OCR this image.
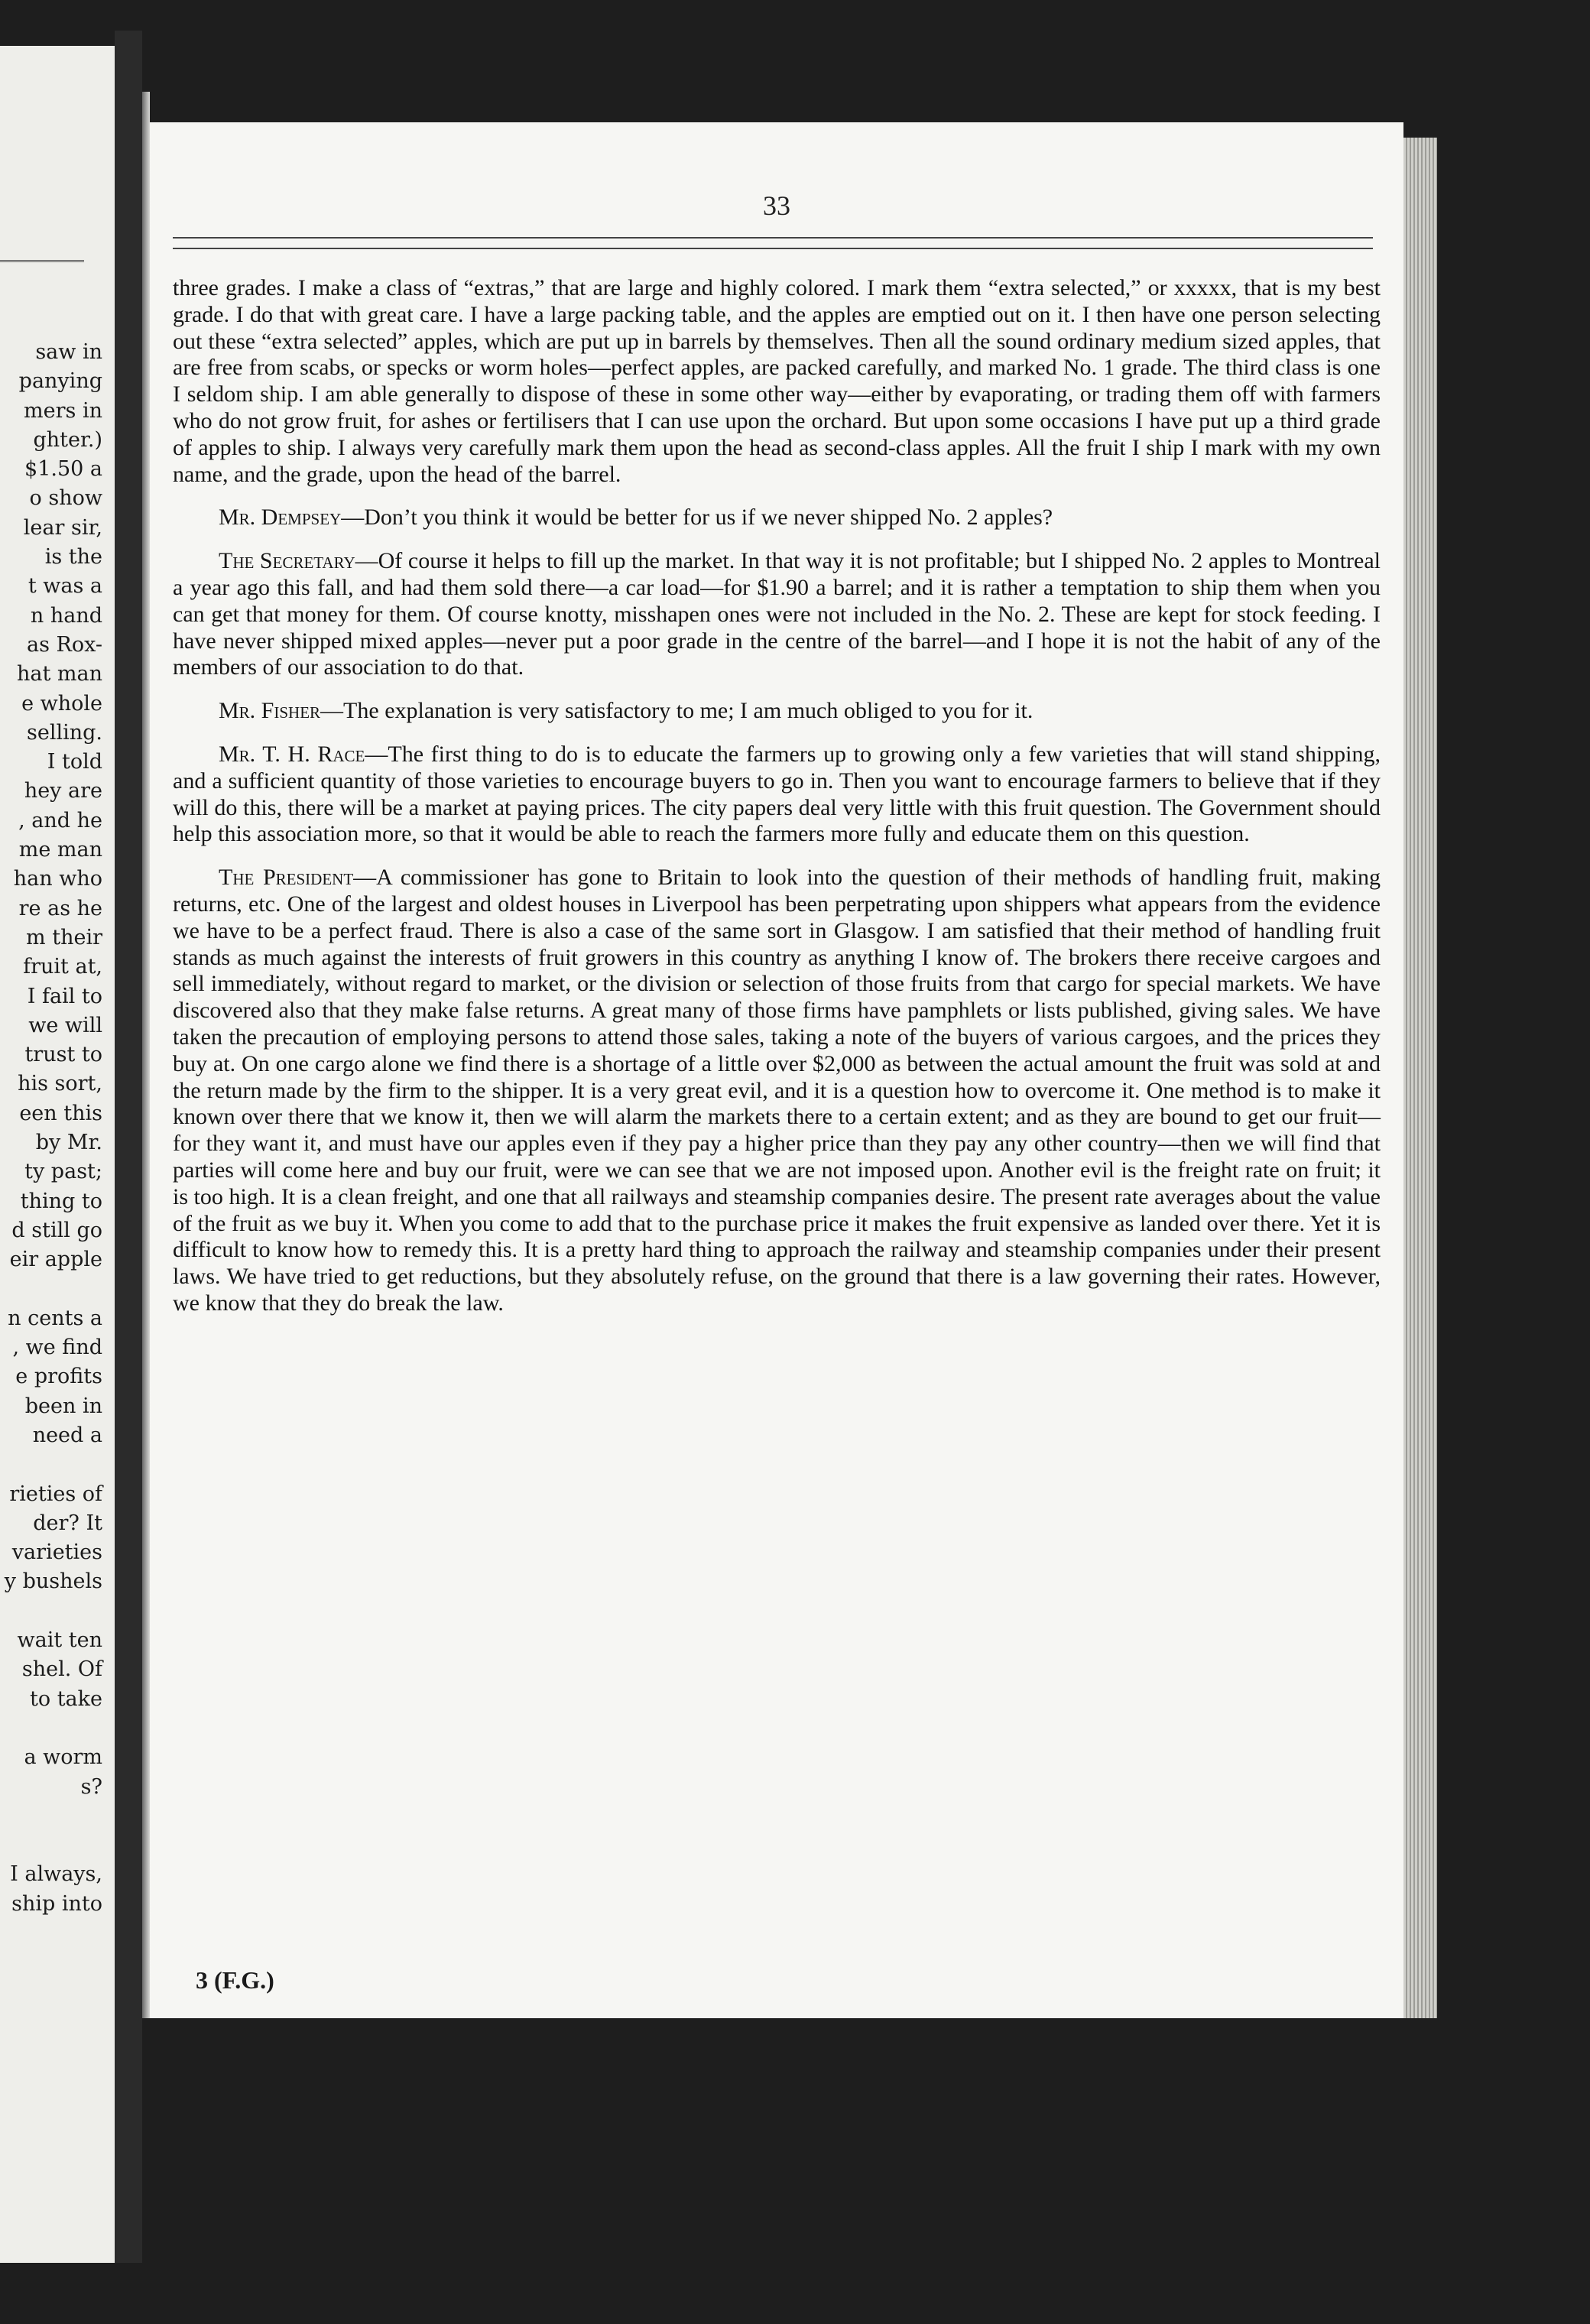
saw in
panying
mers in
ghter.)
$1.50 a
o show
lear sir,
is the
t was a
n hand
as Rox-
hat man
e whole
selling.
I told
hey are
, and he
me man
han who
re as he
m their
fruit at,
I fail to
we will
trust to
his sort,
een this
by Mr.
ty past;
thing to
d still go
eir apple

n cents a
, we find
e profits
been in
need a

rieties of
der? It
varieties
y bushels

wait ten
shel. Of
to take

a worm
s?

I always,
ship into
33

three grades. I make a class of “extras,” that are large and highly colored. I mark them “extra selected,” or xxxxx, that is my best grade. I do that with great care. I have a large packing table, and the apples are emptied out on it. I then have one person selecting out these “extra selected” apples, which are put up in barrels by themselves. Then all the sound ordinary medium sized apples, that are free from scabs, or specks or worm holes—perfect apples, are packed carefully, and marked No. 1 grade. The third class is one I seldom ship. I am able generally to dispose of these in some other way—either by evaporating, or trading them off with farmers who do not grow fruit, for ashes or fertilisers that I can use upon the orchard. But upon some occasions I have put up a third grade of apples to ship. I always very carefully mark them upon the head as second-class apples. All the fruit I ship I mark with my own name, and the grade, upon the head of the barrel.

Mr. Dempsey—Don’t you think it would be better for us if we never shipped No. 2 apples?

The Secretary—Of course it helps to fill up the market. In that way it is not profitable; but I shipped No. 2 apples to Montreal a year ago this fall, and had them sold there—a car load—for $1.90 a barrel; and it is rather a temptation to ship them when you can get that money for them. Of course knotty, misshapen ones were not included in the No. 2. These are kept for stock feeding. I have never shipped mixed apples—never put a poor grade in the centre of the barrel—and I hope it is not the habit of any of the members of our association to do that.

Mr. Fisher—The explanation is very satisfactory to me; I am much obliged to you for it.

Mr. T. H. Race—The first thing to do is to educate the farmers up to growing only a few varieties that will stand shipping, and a sufficient quantity of those varieties to encourage buyers to go in. Then you want to encourage farmers to believe that if they will do this, there will be a market at paying prices. The city papers deal very little with this fruit question. The Government should help this association more, so that it would be able to reach the farmers more fully and educate them on this question.

The President—A commissioner has gone to Britain to look into the question of their methods of handling fruit, making returns, etc. One of the largest and oldest houses in Liverpool has been perpetrating upon shippers what appears from the evidence we have to be a perfect fraud. There is also a case of the same sort in Glasgow. I am satisfied that their method of handling fruit stands as much against the interests of fruit growers in this country as anything I know of. The brokers there receive cargoes and sell immediately, without regard to market, or the division or selection of those fruits from that cargo for special markets. We have discovered also that they make false returns. A great many of those firms have pamphlets or lists published, giving sales. We have taken the precaution of employing persons to attend those sales, taking a note of the buyers of various cargoes, and the prices they buy at. On one cargo alone we find there is a shortage of a little over $2,000 as between the actual amount the fruit was sold at and the return made by the firm to the shipper. It is a very great evil, and it is a question how to overcome it. One method is to make it known over there that we know it, then we will alarm the markets there to a certain extent; and as they are bound to get our fruit—for they want it, and must have our apples even if they pay a higher price than they pay any other country—then we will find that parties will come here and buy our fruit, were we can see that we are not imposed upon. Another evil is the freight rate on fruit; it is too high. It is a clean freight, and one that all railways and steamship companies desire. The present rate averages about the value of the fruit as we buy it. When you come to add that to the purchase price it makes the fruit expensive as landed over there. Yet it is difficult to know how to remedy this. It is a pretty hard thing to approach the railway and steamship companies under their present laws. We have tried to get reductions, but they absolutely refuse, on the ground that there is a law governing their rates. However, we know that they do break the law.

3 (F.G.)
